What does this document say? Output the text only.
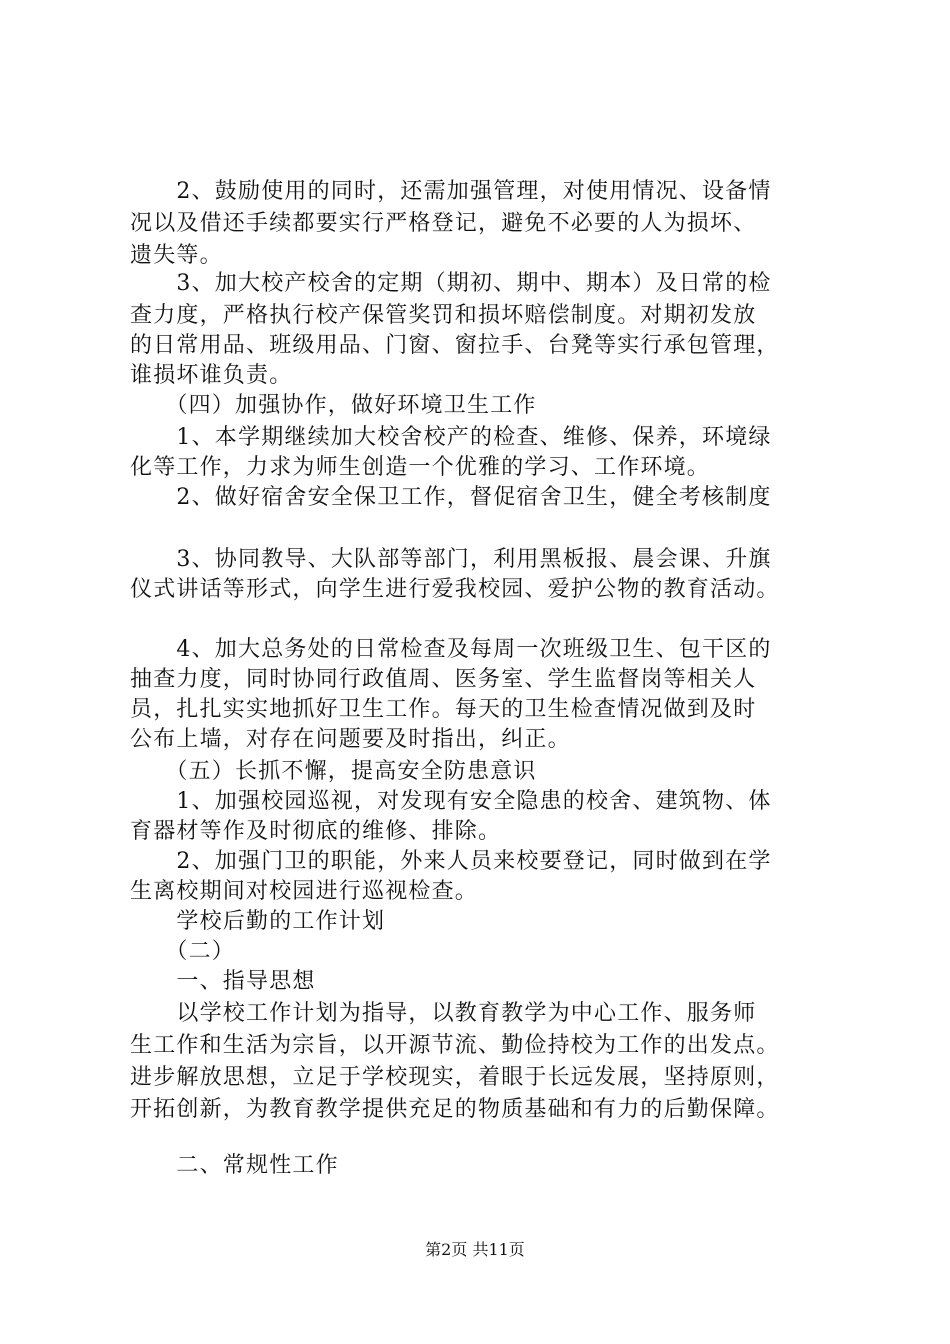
　　2、鼓励使用的同时，还需加强管理，对使用情况、设备情
况以及借还手续都要实行严格登记，避免不必要的人为损坏、
遗失等。
　　3、加大校产校舍的定期（期初、期中、期本）及日常的检
查力度，严格执行校产保管奖罚和损坏赔偿制度。对期初发放
的日常用品、班级用品、门窗、窗拉手、台凳等实行承包管理，
谁损坏谁负责。
　　（四）加强协作，做好环境卫生工作
　　1、本学期继续加大校舍校产的检查、维修、保养，环境绿
化等工作，力求为师生创造一个优雅的学习、工作环境。
　　2、做好宿舍安全保卫工作，督促宿舍卫生，健全考核制度
　　3、协同教导、大队部等部门，利用黑板报、晨会课、升旗
仪式讲话等形式，向学生进行爱我校园、爱护公物的教育活动。
　　4、加大总务处的日常检查及每周一次班级卫生、包干区的
抽查力度，同时协同行政值周、医务室、学生监督岗等相关人
员，扎扎实实地抓好卫生工作。每天的卫生检查情况做到及时
公布上墙，对存在问题要及时指出，纠正。
　　（五）长抓不懈，提高安全防患意识
　　1、加强校园巡视，对发现有安全隐患的校舍、建筑物、体
育器材等作及时彻底的维修、排除。
　　2、加强门卫的职能，外来人员来校要登记，同时做到在学
生离校期间对校园进行巡视检查。
　　学校后勤的工作计划
　　（二）
　　一、指导思想
　　以学校工作计划为指导，以教育教学为中心工作、服务师
生工作和生活为宗旨，以开源节流、勤俭持校为工作的出发点。
进步解放思想，立足于学校现实，着眼于长远发展，坚持原则，
开拓创新，为教育教学提供充足的物质基础和有力的后勤保障。
　　二、常规性工作
第2页 共11页
